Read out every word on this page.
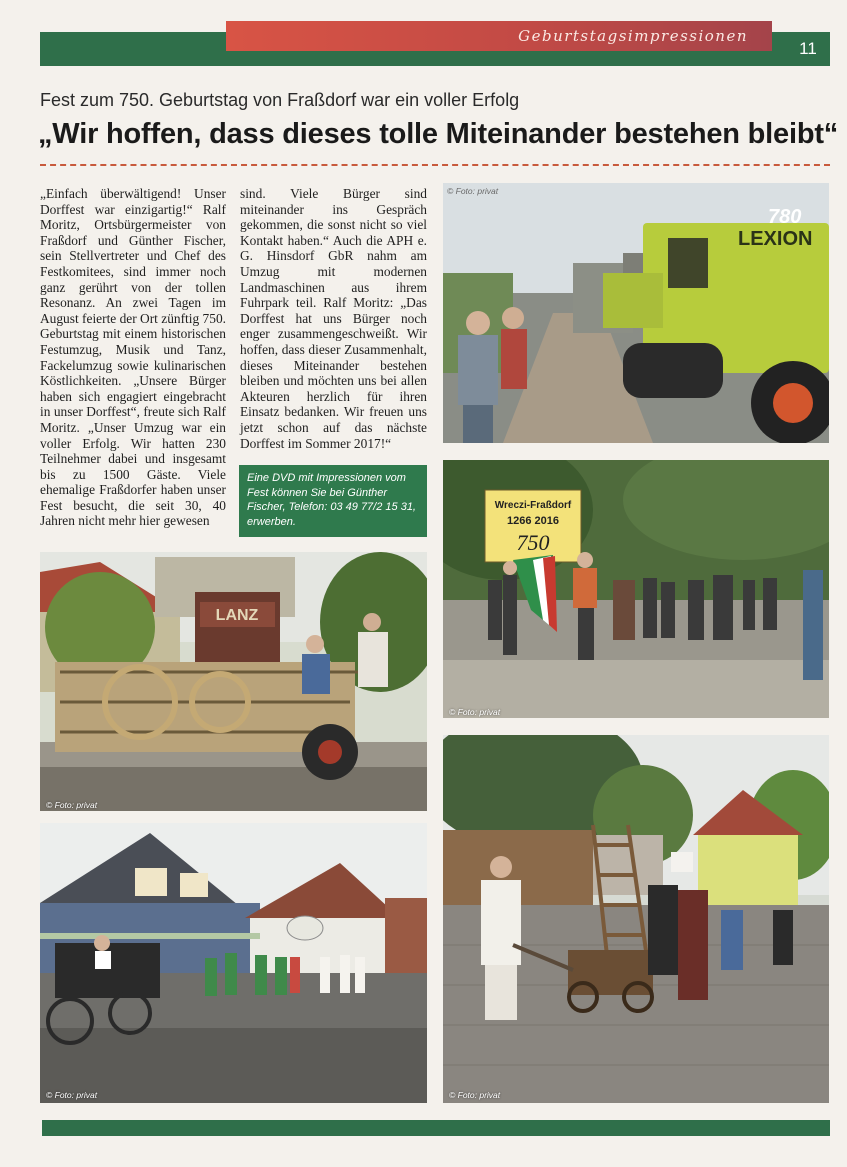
Geburtstagsimpressionen
11
Fest zum 750. Geburtstag von Fraßdorf war ein voller Erfolg
„Wir hoffen, dass dieses tolle Miteinander bestehen bleibt“
„Einfach überwältigend! Unser Dorffest war einzigartig!“ Ralf Moritz, Ortsbürgermeister von Fraßdorf und Günther Fischer, sein Stellvertreter und Chef des Festkomitees, sind immer noch ganz gerührt von der tollen Resonanz. An zwei Tagen im August feierte der Ort zünftig 750. Geburtstag mit einem historischen Festumzug, Musik und Tanz, Fackelumzug sowie kulinarischen Köstlichkeiten. „Unsere Bürger haben sich engagiert eingebracht in unser Dorffest“, freute sich Ralf Moritz. „Unser Umzug war ein voller Erfolg. Wir hatten 230 Teilnehmer dabei und insgesamt bis zu 1500 Gäste. Viele ehemalige Fraßdorfer haben unser Fest besucht, die seit 30, 40 Jahren nicht mehr hier gewesen
sind. Viele Bürger sind miteinander ins Gespräch gekommen, die sonst nicht so viel Kontakt haben.“ Auch die APH e. G. Hinsdorf GbR nahm am Umzug mit modernen Landmaschinen aus ihrem Fuhrpark teil. Ralf Moritz: „Das Dorffest hat uns Bürger noch enger zusammengeschweißt. Wir hoffen, dass dieser Zusammenhalt, dieses Miteinander bestehen bleiben und möchten uns bei allen Akteuren herzlich für ihren Einsatz bedanken. Wir freuen uns jetzt schon auf das nächste Dorffest im Sommer 2017!“
Eine DVD mit Impressionen vom Fest können Sie bei Günther Fischer, Telefon: 03 49 77/2 15 31, erwerben.
780
LEXION
© Foto: privat
Wreczi-Fraßdorf
1266 2016
750
© Foto: privat
LANZ
© Foto: privat
© Foto: privat	© Foto: privat
